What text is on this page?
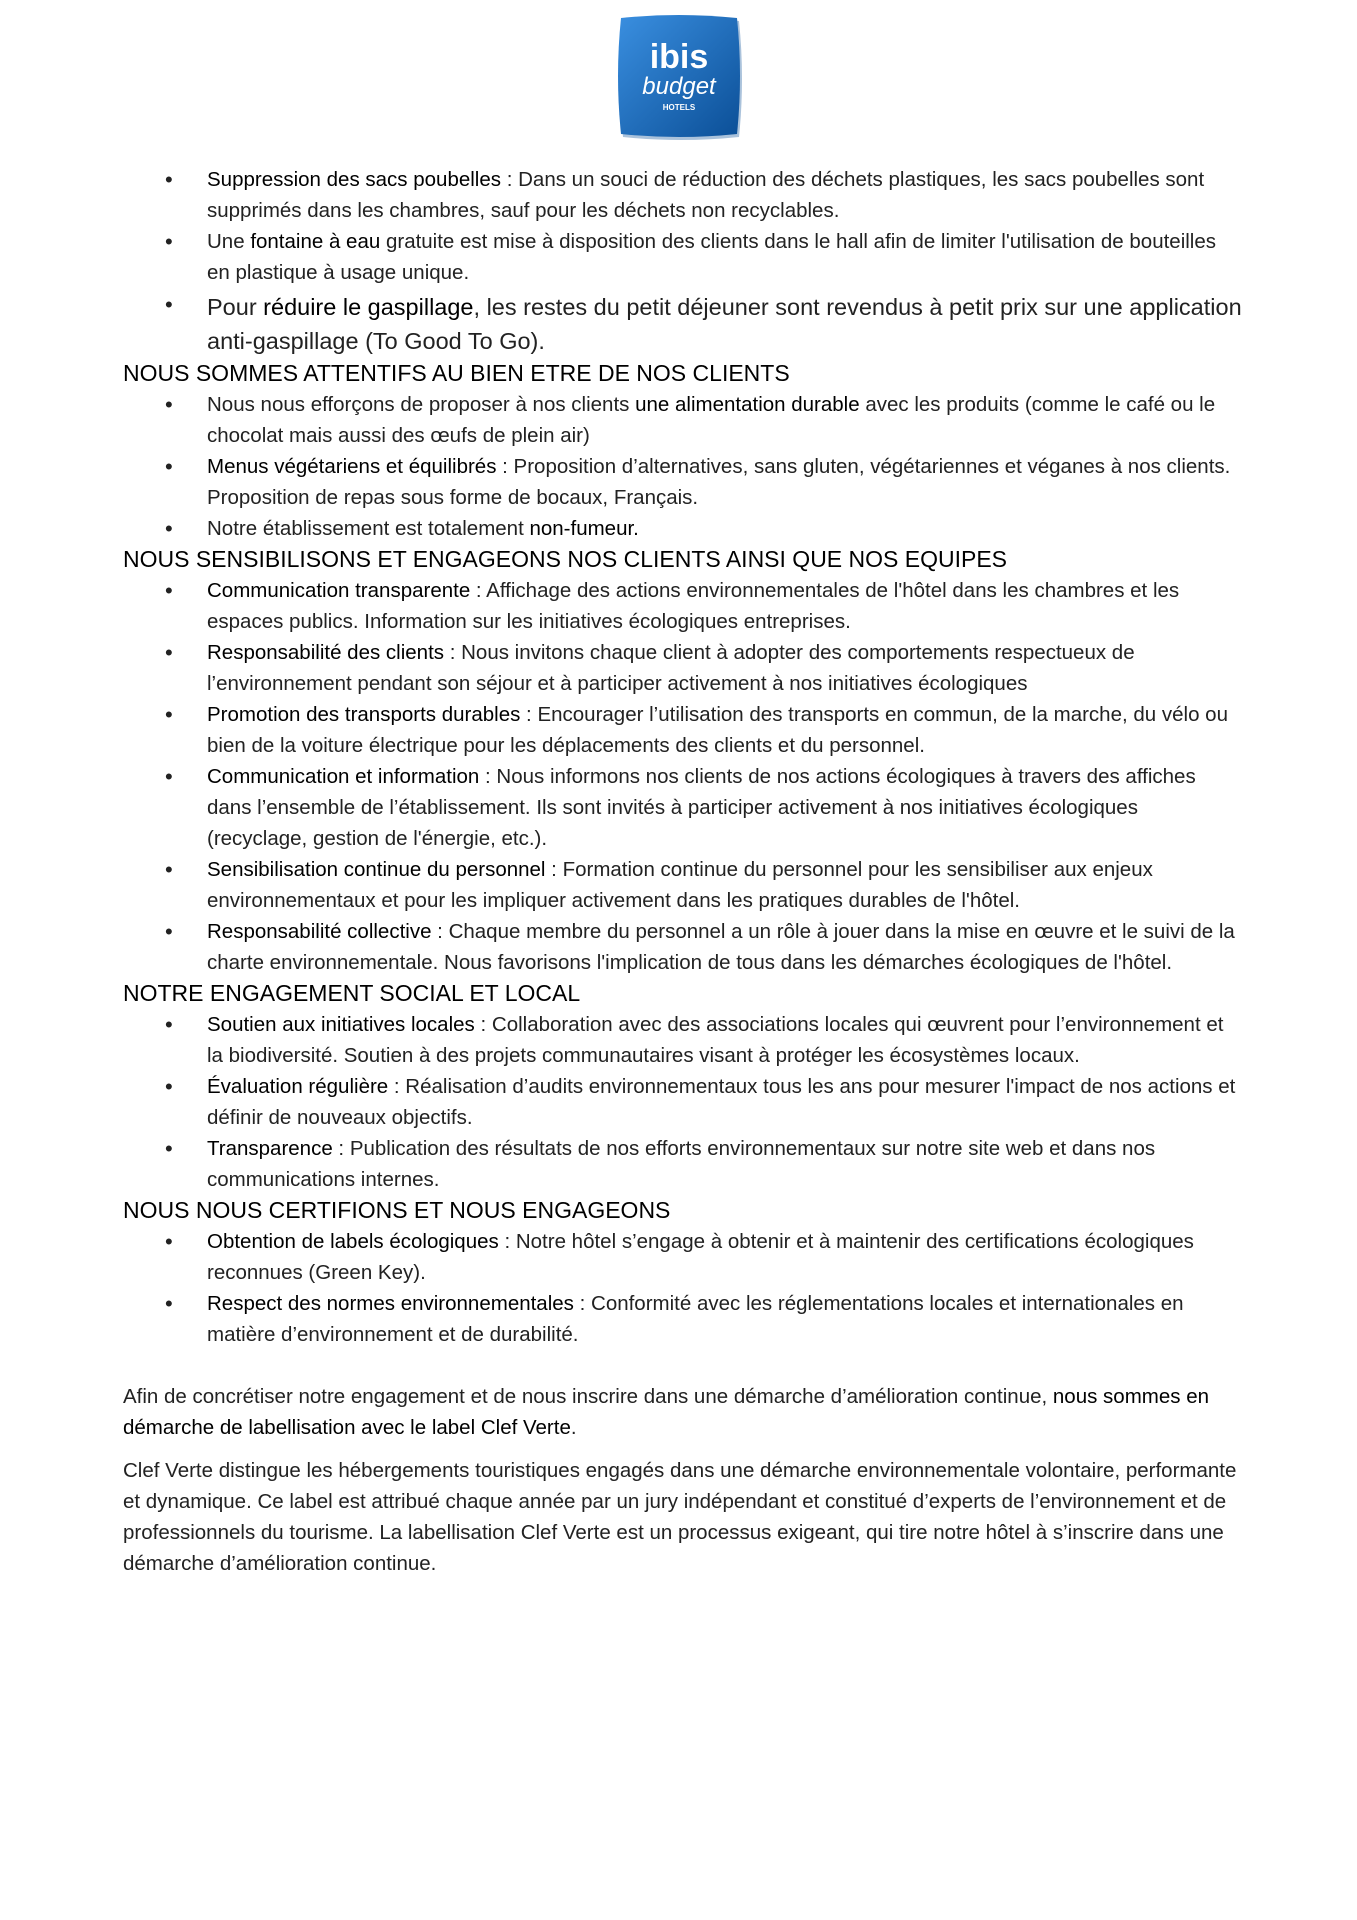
ibis
budget
HOTELS
• Suppression des sacs poubelles : Dans un souci de réduction des déchets plastiques, les sacs poubelles sont supprimés dans les chambres, sauf pour les déchets non recyclables.
• Une fontaine à eau gratuite est mise à disposition des clients dans le hall afin de limiter l'utilisation de bouteilles en plastique à usage unique.
• Pour réduire le gaspillage, les restes du petit déjeuner sont revendus à petit prix sur une application anti-gaspillage (To Good To Go).
NOUS SOMMES ATTENTIFS AU BIEN ETRE DE NOS CLIENTS
• Nous nous efforçons de proposer à nos clients une alimentation durable avec les produits (comme le café ou le chocolat mais aussi des œufs de plein air)
• Menus végétariens et équilibrés : Proposition d’alternatives, sans gluten, végétariennes et véganes à nos clients. Proposition de repas sous forme de bocaux, Français.
• Notre établissement est totalement non-fumeur.
NOUS SENSIBILISONS ET ENGAGEONS NOS CLIENTS AINSI QUE NOS EQUIPES
• Communication transparente : Affichage des actions environnementales de l'hôtel dans les chambres et les espaces publics. Information sur les initiatives écologiques entreprises.
• Responsabilité des clients : Nous invitons chaque client à adopter des comportements respectueux de l’environnement pendant son séjour et à participer activement à nos initiatives écologiques
• Promotion des transports durables : Encourager l’utilisation des transports en commun, de la marche, du vélo ou bien de la voiture électrique pour les déplacements des clients et du personnel.
• Communication et information : Nous informons nos clients de nos actions écologiques à travers des affiches dans l’ensemble de l’établissement. Ils sont invités à participer activement à nos initiatives écologiques (recyclage, gestion de l'énergie, etc.).
• Sensibilisation continue du personnel : Formation continue du personnel pour les sensibiliser aux enjeux environnementaux et pour les impliquer activement dans les pratiques durables de l'hôtel.
• Responsabilité collective : Chaque membre du personnel a un rôle à jouer dans la mise en œuvre et le suivi de la charte environnementale. Nous favorisons l'implication de tous dans les démarches écologiques de l'hôtel.
NOTRE ENGAGEMENT SOCIAL ET LOCAL
• Soutien aux initiatives locales : Collaboration avec des associations locales qui œuvrent pour l’environnement et la biodiversité. Soutien à des projets communautaires visant à protéger les écosystèmes locaux.
• Évaluation régulière : Réalisation d’audits environnementaux tous les ans pour mesurer l'impact de nos actions et définir de nouveaux objectifs.
• Transparence : Publication des résultats de nos efforts environnementaux sur notre site web et dans nos communications internes.
NOUS NOUS CERTIFIONS ET NOUS ENGAGEONS
• Obtention de labels écologiques : Notre hôtel s’engage à obtenir et à maintenir des certifications écologiques reconnues (Green Key).
• Respect des normes environnementales : Conformité avec les réglementations locales et internationales en matière d’environnement et de durabilité.

Afin de concrétiser notre engagement et de nous inscrire dans une démarche d’amélioration continue, nous sommes en démarche de labellisation avec le label Clef Verte.

Clef Verte distingue les hébergements touristiques engagés dans une démarche environnementale volontaire, performante et dynamique. Ce label est attribué chaque année par un jury indépendant et constitué d’experts de l’environnement et de professionnels du tourisme. La labellisation Clef Verte est un processus exigeant, qui tire notre hôtel à s’inscrire dans une démarche d’amélioration continue.
